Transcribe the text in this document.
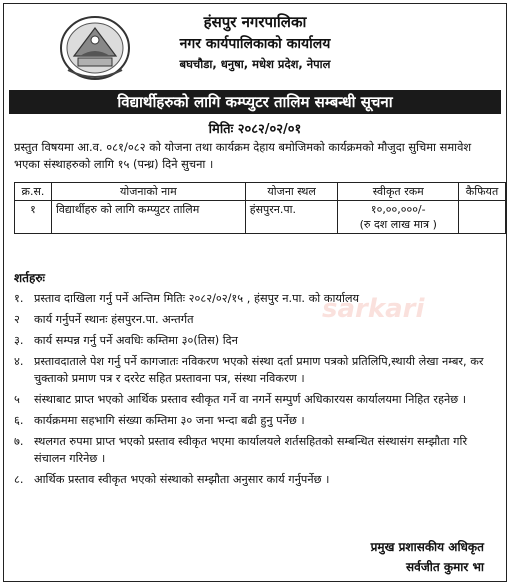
हंसपुर नगरपालिका
नगर कार्यपालिकाको कार्यालय
बघचौडा, धनुषा, मधेश प्रदेश, नेपाल
विद्यार्थीहरुको लागि कम्प्युटर तालिम सम्बन्धी सूचना
मितिः २०८२/०२/०१
प्रस्तुत विषयमा आ.व. ०८१/०८२ को योजना तथा कार्यक्रम देहाय बमोजिमको कार्यक्रमको मौजुदा सुचिमा समावेश भएका संस्थाहरुको लागि १५ (पन्ध्र) दिने सुचना ।
क्र.स.	योजनाको नाम	योजना स्थल	स्वीकृत रकम	कैफियत
१	विद्यार्थीहरु को लागि कम्प्युटर तालिम	हंसपुरन.पा.	१०,००,०००/-
(रु दश लाख मात्र )	

शर्तहरुः
sarkari
१. प्रस्ताव दाखिला गर्नु पर्ने अन्तिम मितिः २०८२/०२/१५ , हंसपुर न.पा. को कार्यालय
२ कार्य गर्नुपर्ने स्थानः हंसपुरन.पा. अन्तर्गत
३. कार्य सम्पन्न गर्नु पर्ने अवधिः कम्तिमा ३०(तिस) दिन
४. प्रस्तावदाताले पेश गर्नु पर्ने कागजातः नविकरण भएको संस्था दर्ता प्रमाण पत्रको प्रतिलिपि,स्थायी लेखा नम्बर, कर चुक्ताको प्रमाण पत्र र दररेट सहित प्रस्तावना पत्र, संस्था नविकरण ।
५ संस्थाबाट प्राप्त भएको आर्थिक प्रस्ताव स्वीकृत गर्ने वा नगर्ने सम्पुर्ण अधिकारयस कार्यालयमा निहित रहनेछ ।
६. कार्यक्रममा सहभागि संख्या कम्तिमा ३० जना भन्दा बढी हुनु पर्नेछ ।
७. स्थलगत रुपमा प्राप्त भएको प्रस्ताव स्वीकृत भएमा कार्यालयले शर्तसहितको सम्बन्धित संस्थासंग सम्झौता गरि संचालन गरिनेछ ।
८. आर्थिक प्रस्ताव स्वीकृत भएको संस्थाको सम्झौता अनुसार कार्य गर्नुपर्नेछ ।
प्रमुख प्रशासकीय अधिकृत
सर्वजीत कुमार भा
